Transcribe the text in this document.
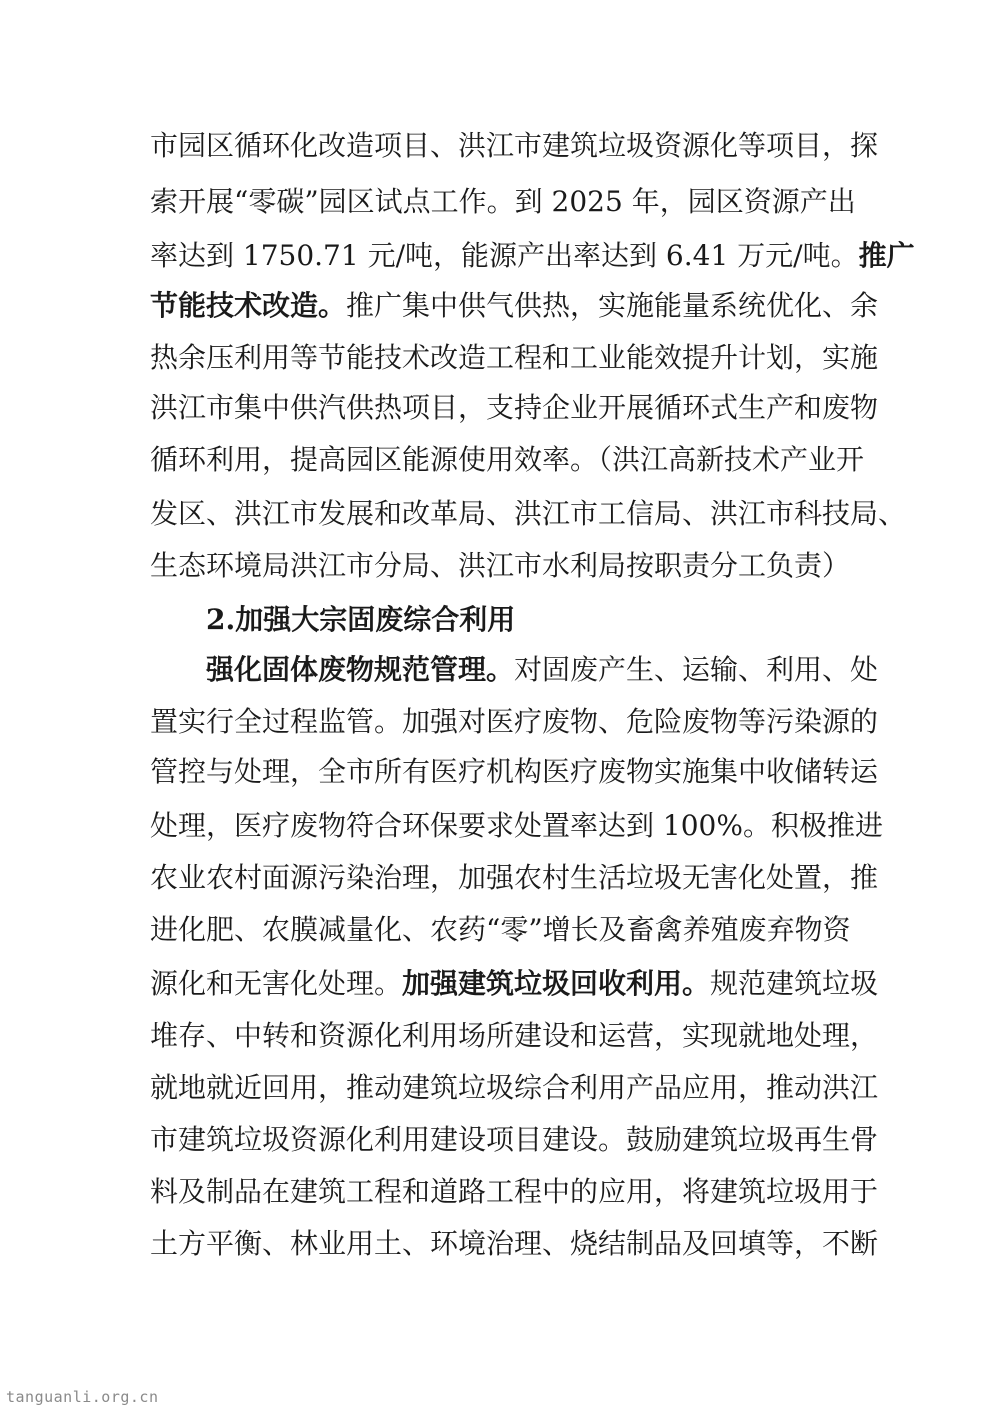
市园区循环化改造项目、洪江市建筑垃圾资源化等项目，探
索开展“零碳”园区试点工作。到 2025 年，园区资源产出
率达到 1750.71 元/吨，能源产出率达到 6.41 万元/吨。推广
节能技术改造。推广集中供气供热，实施能量系统优化、余
热余压利用等节能技术改造工程和工业能效提升计划，实施
洪江市集中供汽供热项目，支持企业开展循环式生产和废物
循环利用，提高园区能源使用效率。（洪江高新技术产业开
发区、洪江市发展和改革局、洪江市工信局、洪江市科技局、
生态环境局洪江市分局、洪江市水利局按职责分工负责）
2.加强大宗固废综合利用
强化固体废物规范管理。对固废产生、运输、利用、处
置实行全过程监管。加强对医疗废物、危险废物等污染源的
管控与处理，全市所有医疗机构医疗废物实施集中收储转运
处理，医疗废物符合环保要求处置率达到 100%。积极推进
农业农村面源污染治理，加强农村生活垃圾无害化处置，推
进化肥、农膜减量化、农药“零”增长及畜禽养殖废弃物资
源化和无害化处理。加强建筑垃圾回收利用。规范建筑垃圾
堆存、中转和资源化利用场所建设和运营，实现就地处理，
就地就近回用，推动建筑垃圾综合利用产品应用，推动洪江
市建筑垃圾资源化利用建设项目建设。鼓励建筑垃圾再生骨
料及制品在建筑工程和道路工程中的应用，将建筑垃圾用于
土方平衡、林业用土、环境治理、烧结制品及回填等，不断
tanguanli.org.cn
